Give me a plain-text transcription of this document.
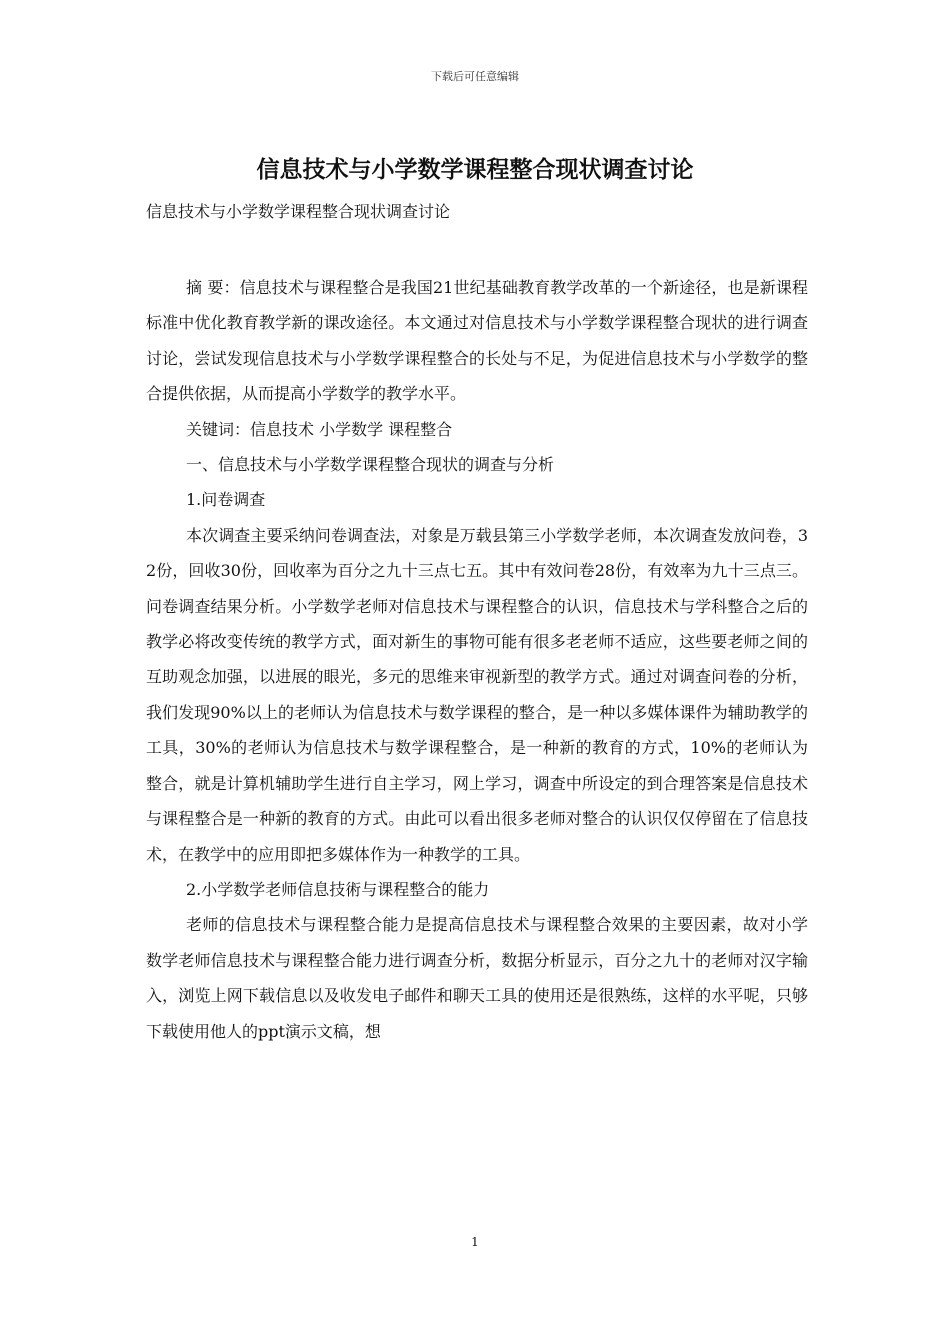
下载后可任意编辑
信息技术与小学数学课程整合现状调查讨论

信息技术与小学数学课程整合现状调查讨论

摘 要：信息技术与课程整合是我国21世纪基础教育教学改革的一个新途径，也是新课程标准中优化教育教学新的课改途径。本文通过对信息技术与小学数学课程整合现状的进行调查讨论，尝试发现信息技术与小学数学课程整合的长处与不足，为促进信息技术与小学数学的整合提供依据，从而提高小学数学的教学水平。

关键词：信息技术 小学数学 课程整合

一、信息技术与小学数学课程整合现状的调查与分析

1.问卷调查

本次调查主要采纳问卷调查法，对象是万载县第三小学数学老师，本次调查发放问卷，32份，回收30份，回收率为百分之九十三点七五。其中有效问卷28份，有效率为九十三点三。问卷调查结果分析。小学数学老师对信息技术与课程整合的认识，信息技术与学科整合之后的教学必将改变传统的教学方式，面对新生的事物可能有很多老老师不适应，这些要老师之间的互助观念加强，以进展的眼光，多元的思维来审视新型的教学方式。通过对调查问卷的分析，我们发现90%以上的老师认为信息技术与数学课程的整合，是一种以多媒体课件为辅助教学的工具，30%的老师认为信息技术与数学课程整合，是一种新的教育的方式，10%的老师认为整合，就是计算机辅助学生进行自主学习，网上学习，调查中所设定的到合理答案是信息技术与课程整合是一种新的教育的方式。由此可以看出很多老师对整合的认识仅仅停留在了信息技术，在教学中的应用即把多媒体作为一种教学的工具。

2.小学数学老师信息技術与课程整合的能力

老师的信息技术与课程整合能力是提高信息技术与课程整合效果的主要因素，故对小学数学老师信息技术与课程整合能力进行调查分析，数据分析显示，百分之九十的老师对汉字输入，浏览上网下载信息以及收发电子邮件和聊天工具的使用还是很熟练，这样的水平呢，只够下载使用他人的ppt演示文稿，想

1
